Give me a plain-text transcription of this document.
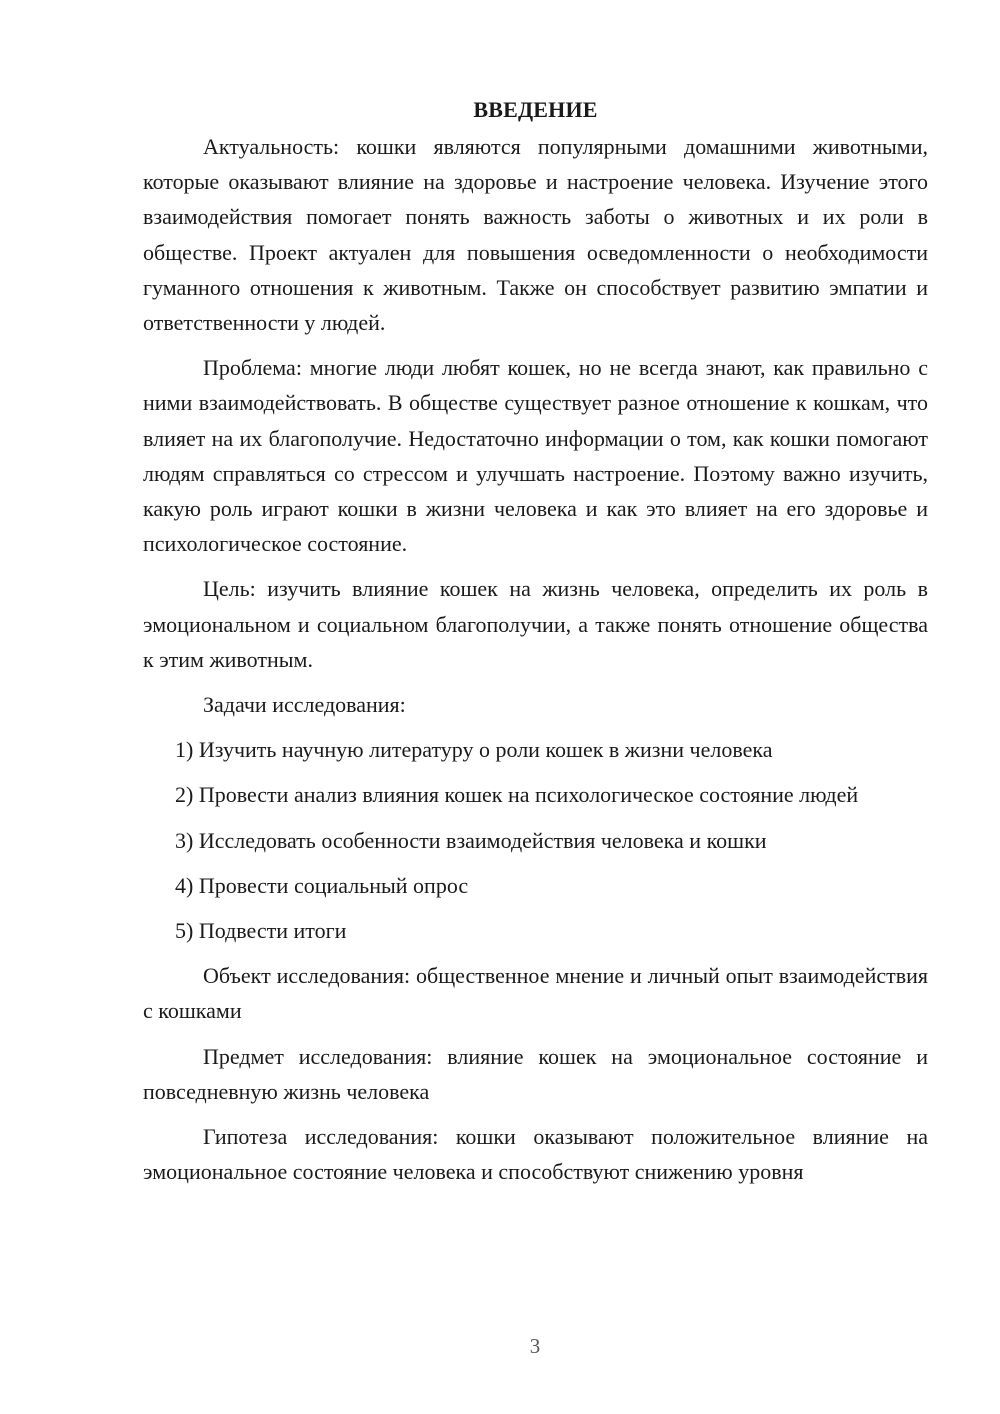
ВВЕДЕНИЕ

Актуальность: кошки являются популярными домашними животными, которые оказывают влияние на здоровье и настроение человека. Изучение этого взаимодействия помогает понять важность заботы о животных и их роли в обществе. Проект актуален для повышения осведомленности о необходимости гуманного отношения к животным. Также он способствует развитию эмпатии и ответственности у людей.

Проблема: многие люди любят кошек, но не всегда знают, как правильно с ними взаимодействовать. В обществе существует разное отношение к кошкам, что влияет на их благополучие. Недостаточно информации о том, как кошки помогают людям справляться со стрессом и улучшать настроение. Поэтому важно изучить, какую роль играют кошки в жизни человека и как это влияет на его здоровье и психологическое состояние.

Цель: изучить влияние кошек на жизнь человека, определить их роль в эмоциональном и социальном благополучии, а также понять отношение общества к этим животным.

Задачи исследования:

1) Изучить научную литературу о роли кошек в жизни человека

2) Провести анализ влияния кошек на психологическое состояние людей

3) Исследовать особенности взаимодействия человека и кошки

4) Провести социальный опрос

5) Подвести итоги

Объект исследования: общественное мнение и личный опыт взаимодействия с кошками

Предмет исследования: влияние кошек на эмоциональное состояние и повседневную жизнь человека

Гипотеза исследования: кошки оказывают положительное влияние на эмоциональное состояние человека и способствуют снижению уровня

3
